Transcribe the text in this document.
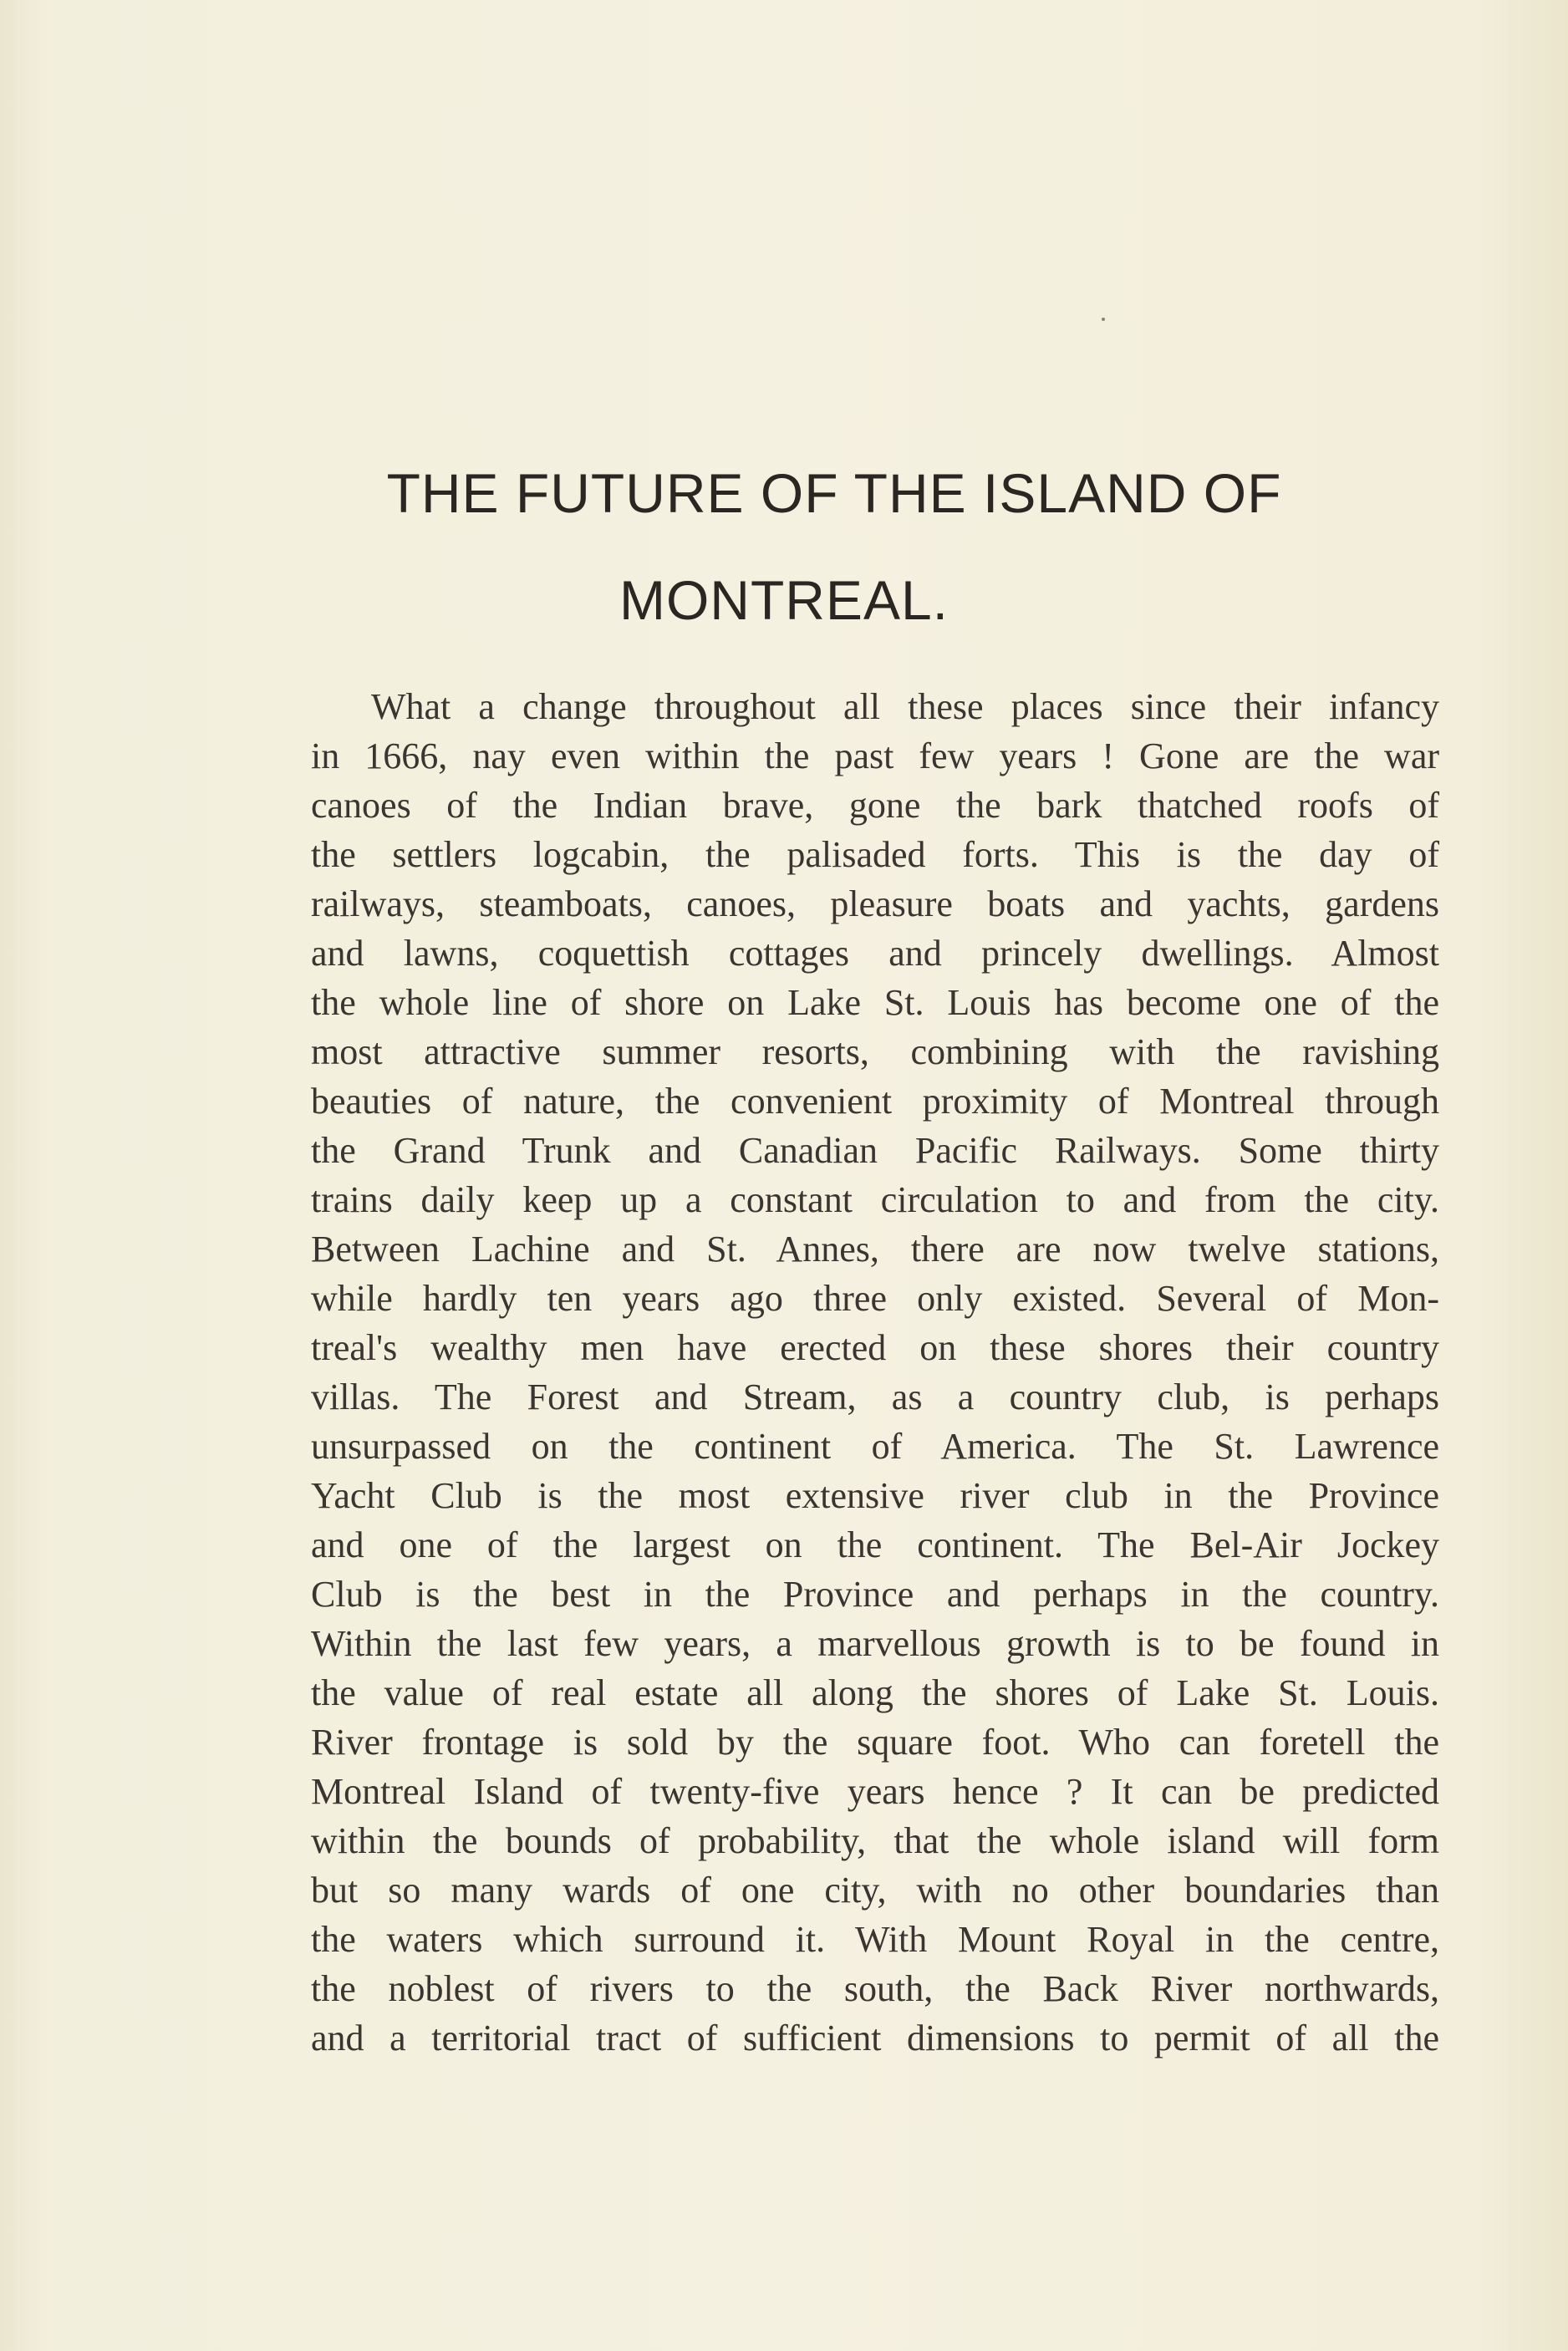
THE FUTURE OF THE ISLAND OF
MONTREAL.
What a change throughout all these places since their infancy
in 1666, nay even within the past few years ! Gone are the war
canoes of the Indian brave, gone the bark thatched roofs of
the settlers logcabin, the palisaded forts. This is the day of
railways, steamboats, canoes, pleasure boats and yachts, gardens
and lawns, coquettish cottages and princely dwellings. Almost
the whole line of shore on Lake St. Louis has become one of the
most attractive summer resorts, combining with the ravishing
beauties of nature, the convenient proximity of Montreal through
the Grand Trunk and Canadian Pacific Railways. Some thirty
trains daily keep up a constant circulation to and from the city.
Between Lachine and St. Annes, there are now twelve stations,
while hardly ten years ago three only existed. Several of Mon-
treal's wealthy men have erected on these shores their country
villas. The Forest and Stream, as a country club, is perhaps
unsurpassed on the continent of America. The St. Lawrence
Yacht Club is the most extensive river club in the Province
and one of the largest on the continent. The Bel-Air Jockey
Club is the best in the Province and perhaps in the country.
Within the last few years, a marvellous growth is to be found in
the value of real estate all along the shores of Lake St. Louis.
River frontage is sold by the square foot. Who can foretell the
Montreal Island of twenty-five years hence ? It can be predicted
within the bounds of probability, that the whole island will form
but so many wards of one city, with no other boundaries than
the waters which surround it. With Mount Royal in the centre,
the noblest of rivers to the south, the Back River northwards,
and a territorial tract of sufficient dimensions to permit of all the
